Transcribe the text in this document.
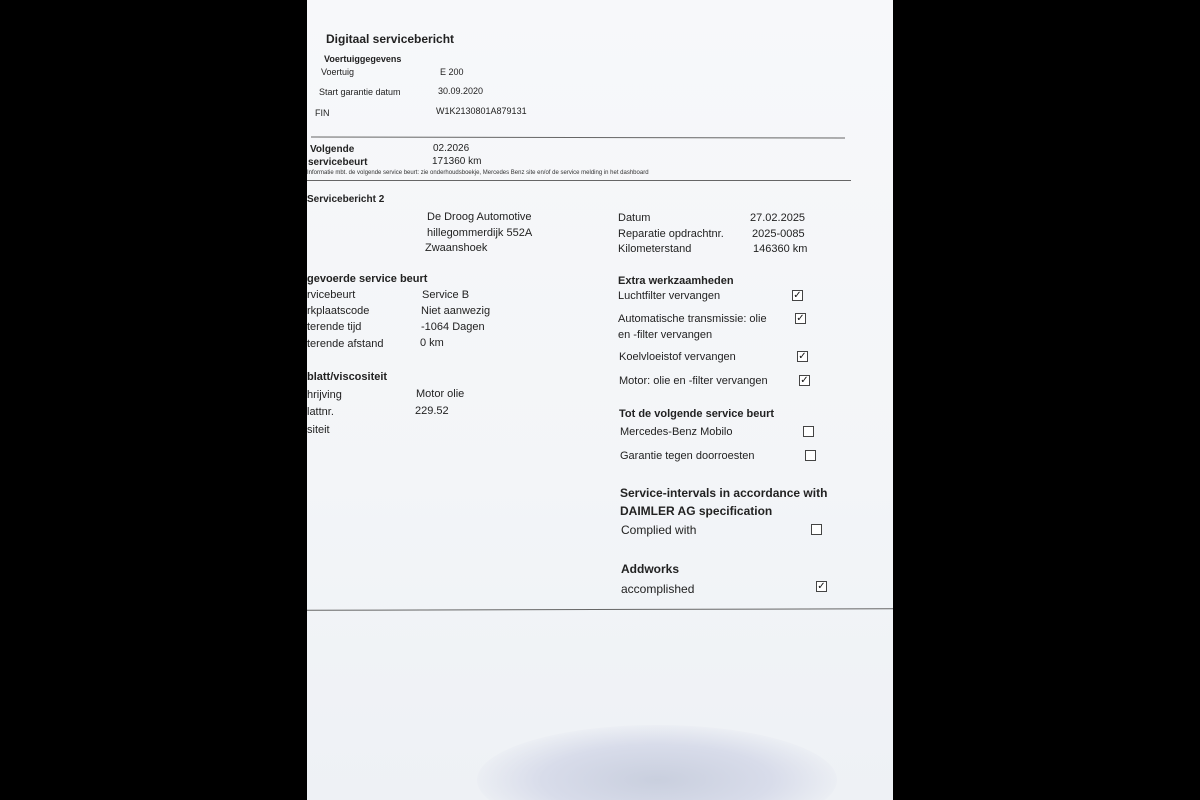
Digitaal servicebericht
Voertuiggegevens
Voertuig	E 200
Start garantie datum	30.09.2020
FIN	W1K2130801A879131
Volgende
servicebeurt
02.2026
171360 km
Informatie mbt. de volgende service beurt: zie onderhoudsboekje, Mercedes Benz site en/of de service melding in het dashboard
Servicebericht 2
De Droog Automotive
hillegommerdijk 552A
Zwaanshoek
Datum	27.02.2025
Reparatie opdrachtnr.	2025-0085
Kilometerstand	146360 km
gevoerde service beurt
rvicebeurt	Service B
rkplaatscode	Niet aanwezig
terende tijd	-1064 Dagen
terende afstand	0 km
blatt/viscositeit
hrijving	Motor olie
lattnr.	229.52
siteit
Extra werkzaamheden
Luchtfilter vervangen	✓
Automatische transmissie: olie
en -filter vervangen
✓
Koelvloeistof vervangen	✓
Motor: olie en -filter vervangen	✓
Tot de volgende service beurt
Mercedes-Benz Mobilo
Garantie tegen doorroesten
Service-intervals in accordance with
DAIMLER AG specification
Complied with
Addworks
accomplished	✓
